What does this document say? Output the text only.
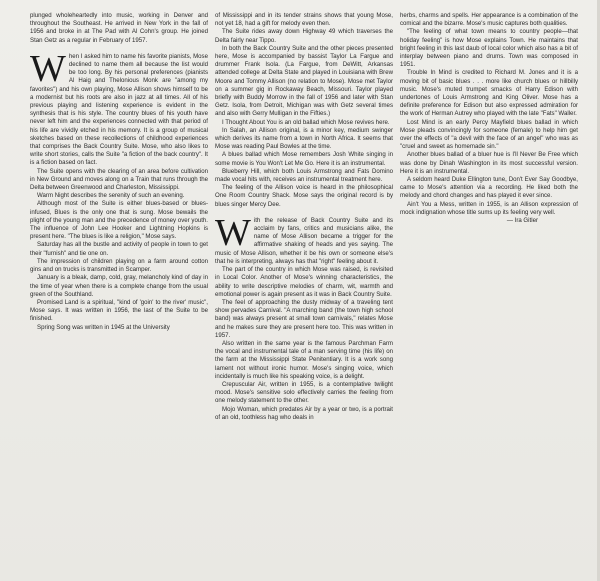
plunged wholeheartedly into music, working in Denver and throughout the Southeast. He arrived in New York in the fall of 1956 and broke in at The Pad with Al Cohn's group. He joined Stan Getz as a regular in February of 1957.

When I asked him to name his favorite pianists, Mose declined to name them all because the list would be too long. By his personal preferences (pianists Al Haig and Thelonious Monk are "among my favorites") and his own playing, Mose Allison shows himself to be a modernist but his roots are also in jazz at all times. All of his previous playing and listening experience is evident in the synthesis that is his style. The country blues of his youth have never left him and the experiences connected with that period of his life are vividly etched in his memory. It is a group of musical sketches based on these recollections of childhood experiences that comprises the Back Country Suite. Mose, who also likes to write short stories, calls the Suite "a fiction of the back country". It is a fiction based on fact.

The Suite opens with the clearing of an area before cultivation in New Ground and moves along on a Train that runs through the Delta between Greenwood and Charleston, Mississippi.

Warm Night describes the serenity of such an evening.

Although most of the Suite is either blues-based or blues-infused, Blues is the only one that is sung. Mose bewails the plight of the young man and the precedence of money over youth. The influence of John Lee Hooker and Lightning Hopkins is present here. "The blues is like a religion," Mose says.

Saturday has all the bustle and activity of people in town to get their "furnish" and tie one on.

The impression of children playing on a farm around cotton gins and on trucks is transmitted in Scamper.

January is a bleak, damp, cold, gray, melancholy kind of day in the time of year when there is a complete change from the usual green of the Southland.

Promised Land is a spiritual, "kind of 'goin' to the river' music", Mose says. It was written in 1956, the last of the Suite to be finished.

Spring Song was written in 1945 at the University

of Mississippi and in its tender strains shows that young Mose, not yet 18, had a gift for melody even then.

The Suite rides away down Highway 49 which traverses the Delta fairly near Tippo.

In both the Back Country Suite and the other pieces presented here, Mose is accompanied by bassist Taylor La Fargue and drummer Frank Isola. (La Fargue, from DeWitt, Arkansas attended college at Delta State and played in Louisiana with Brew Moore and Tommy Allison (no relation to Mose). Mose met Taylor on a summer gig in Rockaway Beach, Missouri. Taylor played briefly with Buddy Morrow in the fall of 1956 and later with Stan Getz. Isola, from Detroit, Michigan was with Getz several times and also with Gerry Mulligan in the Fifties.)

I Thought About You is an old ballad which Mose revives here.

In Salah, an Allison original, is a minor key, medium swinger which derives its name from a town in North Africa. It seems that Mose was reading Paul Bowles at the time.

A blues ballad which Mose remembers Josh White singing in some movie is You Won't Let Me Go. Here it is an instrumental.

Blueberry Hill, which both Louis Armstrong and Fats Domino made vocal hits with, receives an instrumental treatment here.

The feeling of the Allison voice is heard in the philosophical One Room Country Shack. Mose says the original record is by blues singer Mercy Dee.

With the release of Back Country Suite and its acclaim by fans, critics and musicians alike, the name of Mose Allison became a trigger for the affirmative shaking of heads and yes saying. The music of Mose Allison, whether it be his own or someone else's that he is interpreting, always has that "right" feeling about it.

The part of the country in which Mose was raised, is revisited in Local Color. Another of Mose's winning characteristics, the ability to write descriptive melodies of charm, wit, warmth and emotional power is again present as it was in Back Country Suite.

The feel of approaching the dusty midway of a traveling tent show pervades Carnival. "A marching band (the town high school band) was always present at small town carnivals," relates Mose and he makes sure they are present here too. This was written in 1957.

Also written in the same year is the famous Parchman Farm the vocal and instrumental tale of a man serving time (his life) on the farm at the Mississippi State Penitentiary. It is a work song lament not without ironic humor. Mose's singing voice, which incidentally is much like his speaking voice, is a delight.

Crepuscular Air, written in 1955, is a contemplative twilight mood. Mose's sensitive solo effectively carries the feeling from one melody statement to the other.

Mojo Woman, which predates Air by a year or two, is a portrait of an old, toothless hag who deals in

herbs, charms and spells. Her appearance is a combination of the comical and the bizarre. Mose's music captures both qualities.

"The feeling of what town means to country people—that holiday feeling" is how Mose explains Town. He maintains that bright feeling in this last daub of local color which also has a bit of interplay between piano and drums. Town was composed in 1951.

Trouble In Mind is credited to Richard M. Jones and it is a moving bit of basic blues . . . more like church blues or hillbilly music. Mose's muted trumpet smacks of Harry Edison with undertones of Louis Armstrong and King Oliver. Mose has a definite preference for Edison but also expressed admiration for the work of Herman Autrey who played with the late "Fats" Waller.

Lost Mind is an early Percy Mayfield blues ballad in which Mose pleads convincingly for someone (female) to help him get over the effects of "a devil with the face of an angel" who was as "cruel and sweet as homemade sin."

Another blues ballad of a bluer hue is I'll Never Be Free which was done by Dinah Washington in its most successful version. Here it is an instrumental.

A seldom heard Duke Ellington tune, Don't Ever Say Goodbye, came to Mose's attention via a recording. He liked both the melody and chord changes and has played it ever since.

Ain't You a Mess, written in 1955, is an Allison expression of mock indignation whose title sums up its feeling very well.

— Ira Gitler
